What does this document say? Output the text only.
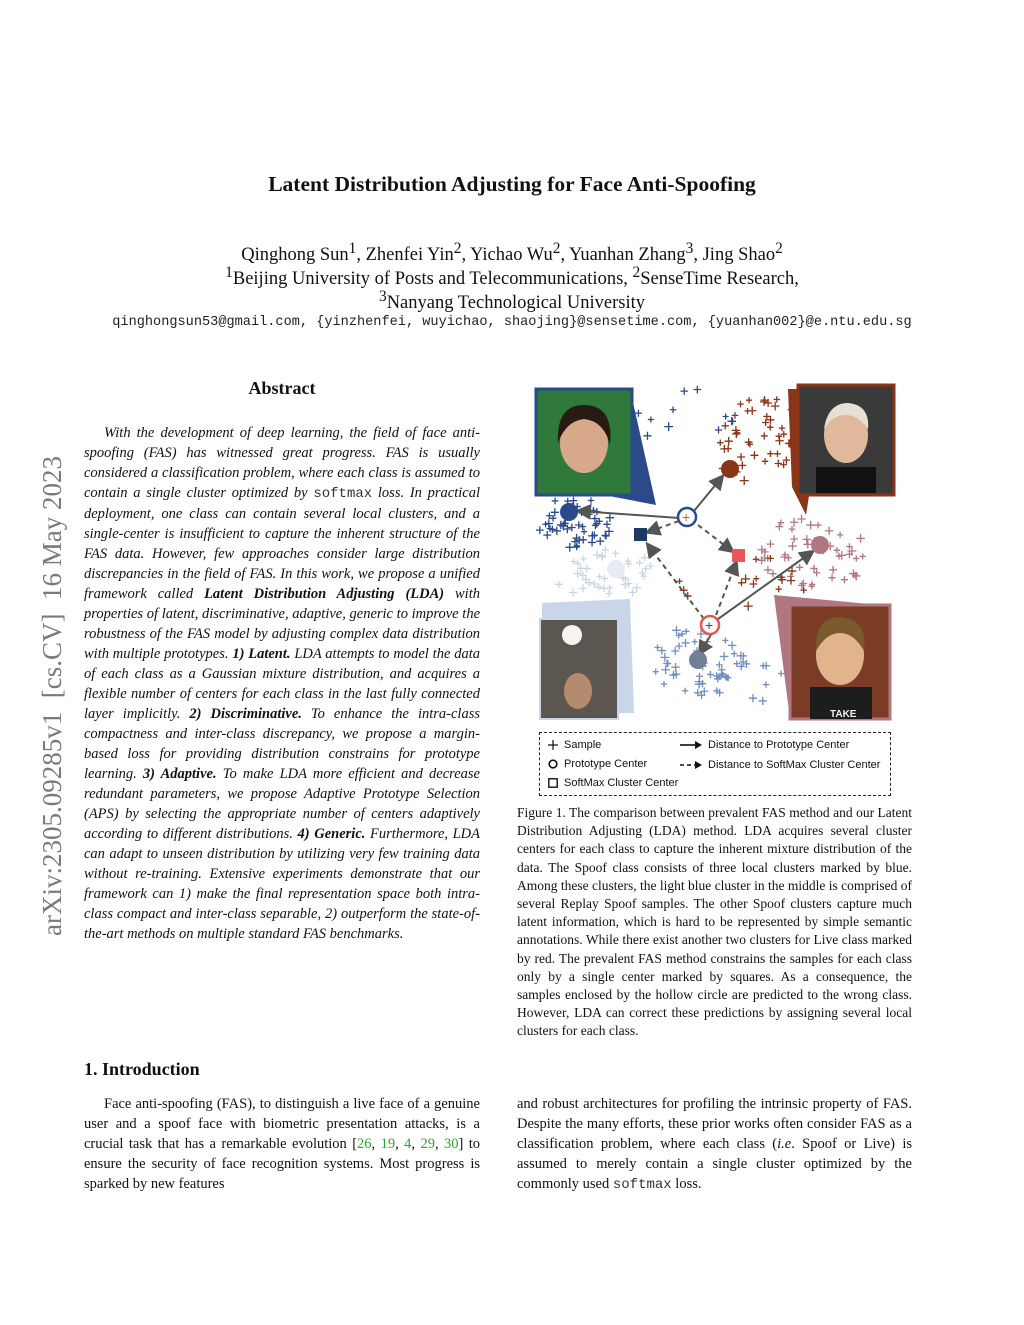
arXiv:2305.09285v1  [cs.CV]  16 May 2023
Latent Distribution Adjusting for Face Anti-Spoofing
Qinghong Sun$^1$, Zhenfei Yin$^2$, Yichao Wu$^2$, Yuanhan Zhang$^3$, Jing Shao$^2$
$^1$Beijing University of Posts and Telecommunications, $^2$SenseTime Research,
$^3$Nanyang Technological University
qinghongsun53@gmail.com, {yinzhenfei, wuyichao, shaojing}@sensetime.com, {yuanhan002}@e.ntu.edu.sg
Abstract
With the development of deep learning, the field of face anti-spoofing (FAS) has witnessed great progress. FAS is usually considered a classification problem, where each class is assumed to contain a single cluster optimized by softmax loss. In practical deployment, one class can contain several local clusters, and a single-center is insufficient to capture the inherent structure of the FAS data. However, few approaches consider large distribution discrepancies in the field of FAS. In this work, we propose a unified framework called Latent Distribution Adjusting (LDA) with properties of latent, discriminative, adaptive, generic to improve the robustness of the FAS model by adjusting complex data distribution with multiple prototypes. 1) Latent. LDA attempts to model the data of each class as a Gaussian mixture distribution, and acquires a flexible number of centers for each class in the last fully connected layer implicitly. 2) Discriminative. To enhance the intra-class compactness and inter-class discrepancy, we propose a margin-based loss for providing distribution constrains for prototype learning. 3) Adaptive. To make LDA more efficient and decrease redundant parameters, we propose Adaptive Prototype Selection (APS) by selecting the appropriate number of centers adaptively according to different distributions. 4) Generic. Furthermore, LDA can adapt to unseen distribution by utilizing very few training data without re-training. Extensive experiments demonstrate that our framework can 1) make the final representation space both intra-class compact and inter-class separable, 2) outperform the state-of-the-art methods on multiple standard FAS benchmarks.
1. Introduction
Face anti-spoofing (FAS), to distinguish a live face of a genuine user and a spoof face with biometric presentation attacks, is a crucial task that has a remarkable evolution [26, 19, 4, 29, 30] to ensure the security of face recognition systems. Most progress is sparked by new features
and robust architectures for profiling the intrinsic property of FAS. Despite the many efforts, these prior works often consider FAS as a classification problem, where each class (i.e. Spoof or Live) is assumed to merely contain a single cluster optimized by the commonly used softmax loss.
TAKE
+
+
Sample
Prototype Center
SoftMax Cluster Center
Distance to Prototype Center
Distance to SoftMax Cluster Center
Figure 1. The comparison between prevalent FAS method and our Latent Distribution Adjusting (LDA) method. LDA acquires several cluster centers for each class to capture the inherent mixture distribution of the data. The Spoof class consists of three local clusters marked by blue. Among these clusters, the light blue cluster in the middle is comprised of several Replay Spoof samples. The other Spoof clusters capture much latent information, which is hard to be represented by simple semantic annotations. While there exist another two clusters for Live class marked by red. The prevalent FAS method constrains the samples for each class only by a single center marked by squares. As a consequence, the samples enclosed by the hollow circle are predicted to the wrong class. However, LDA can correct these predictions by assigning several local clusters for each class.
